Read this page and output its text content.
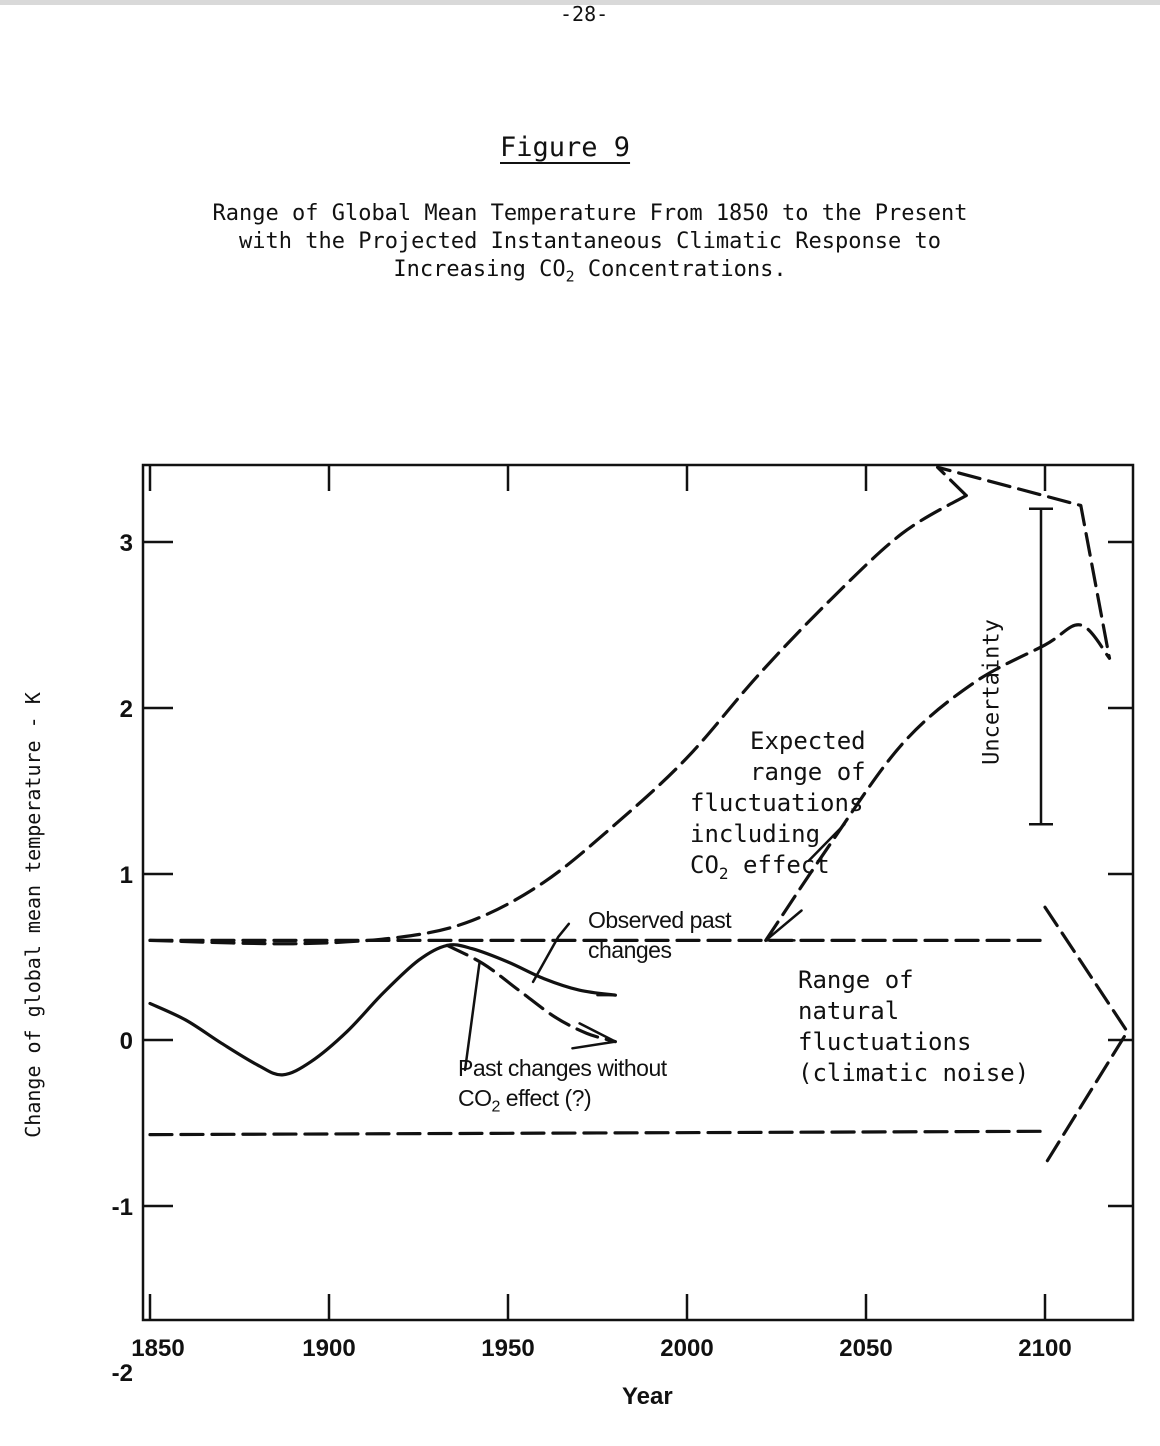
-28-
Figure 9
Range of Global Mean Temperature From 1850 to the Present
with the Projected Instantaneous Climatic Response to
Increasing $CO_2$ Concentrations.
3
2
1
0
-1
-2
1850	1900	1950	2000	2050	2100
Change of global mean temperature - K
Year
Observed past
changes
Past changes without
$CO_2$ effect (?)
Expected
range of
fluctuations
including
$CO_2$ effect
Range of
natural
fluctuations
(climatic noise)
Uncertainty
